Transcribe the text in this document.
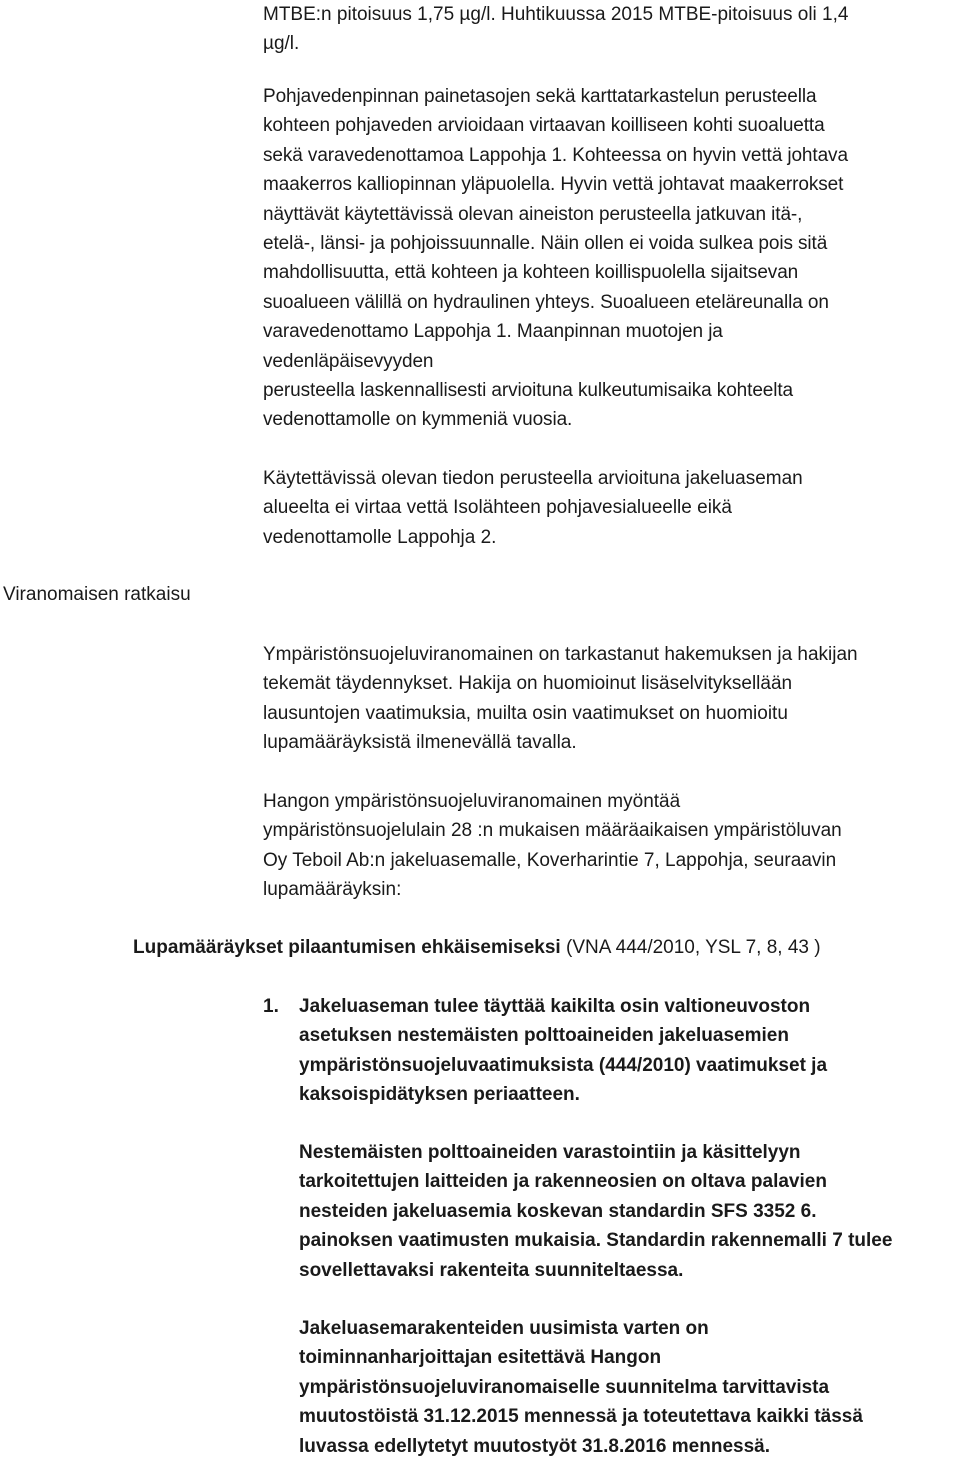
MTBE:n pitoisuus 1,75 µg/l. Huhtikuussa 2015 MTBE-pitoisuus oli 1,4
µg/l.

Pohjavedenpinnan painetasojen sekä karttatarkastelun perusteella
kohteen pohjaveden arvioidaan virtaavan koilliseen kohti suoaluetta
sekä varavedenottamoa Lappohja 1. Kohteessa on hyvin vettä johtava
maakerros kalliopinnan yläpuolella. Hyvin vettä johtavat maakerrokset
näyttävät käytettävissä olevan aineiston perusteella jatkuvan itä-,
etelä-, länsi- ja pohjoissuunnalle. Näin ollen ei voida sulkea pois sitä
mahdollisuutta, että kohteen ja kohteen koillispuolella sijaitsevan
suoalueen välillä on hydraulinen yhteys. Suoalueen eteläreunalla on
varavedenottamo Lappohja 1. Maanpinnan muotojen ja
vedenläpäisevyyden
perusteella laskennallisesti arvioituna kulkeutumisaika kohteelta
vedenottamolle on kymmeniä vuosia.

Käytettävissä olevan tiedon perusteella arvioituna jakeluaseman
alueelta ei virtaa vettä Isolähteen pohjavesialueelle eikä
vedenottamolle Lappohja 2.

Viranomaisen ratkaisu

Ympäristönsuojeluviranomainen on tarkastanut hakemuksen ja hakijan
tekemät täydennykset. Hakija on huomioinut lisäselvityksellään
lausuntojen vaatimuksia, muilta osin vaatimukset on huomioitu
lupamääräyksistä ilmenevällä tavalla.

Hangon ympäristönsuojeluviranomainen myöntää
ympäristönsuojelulain 28 :n mukaisen määräaikaisen ympäristöluvan
Oy Teboil Ab:n jakeluasemalle, Koverharintie 7, Lappohja, seuraavin
lupamääräyksin:

Lupamääräykset pilaantumisen ehkäisemiseksi (VNA 444/2010, YSL 7, 8, 43 )

1. Jakeluaseman tulee täyttää kaikilta osin valtioneuvoston
asetuksen nestemäisten polttoaineiden jakeluasemien
ympäristönsuojeluvaatimuksista (444/2010) vaatimukset ja
kaksoispidätyksen periaatteen.

Nestemäisten polttoaineiden varastointiin ja käsittelyyn
tarkoitettujen laitteiden ja rakenneosien on oltava palavien
nesteiden jakeluasemia koskevan standardin SFS 3352 6.
painoksen vaatimusten mukaisia. Standardin rakennemalli 7 tulee
sovellettavaksi rakenteita suunniteltaessa.

Jakeluasemarakenteiden uusimista varten on
toiminnanharjoittajan esitettävä Hangon
ympäristönsuojeluviranomaiselle suunnitelma tarvittavista
muutostöistä 31.12.2015 mennessä ja toteutettava kaikki tässä
luvassa edellytetyt muutostyöt 31.8.2016 mennessä.
